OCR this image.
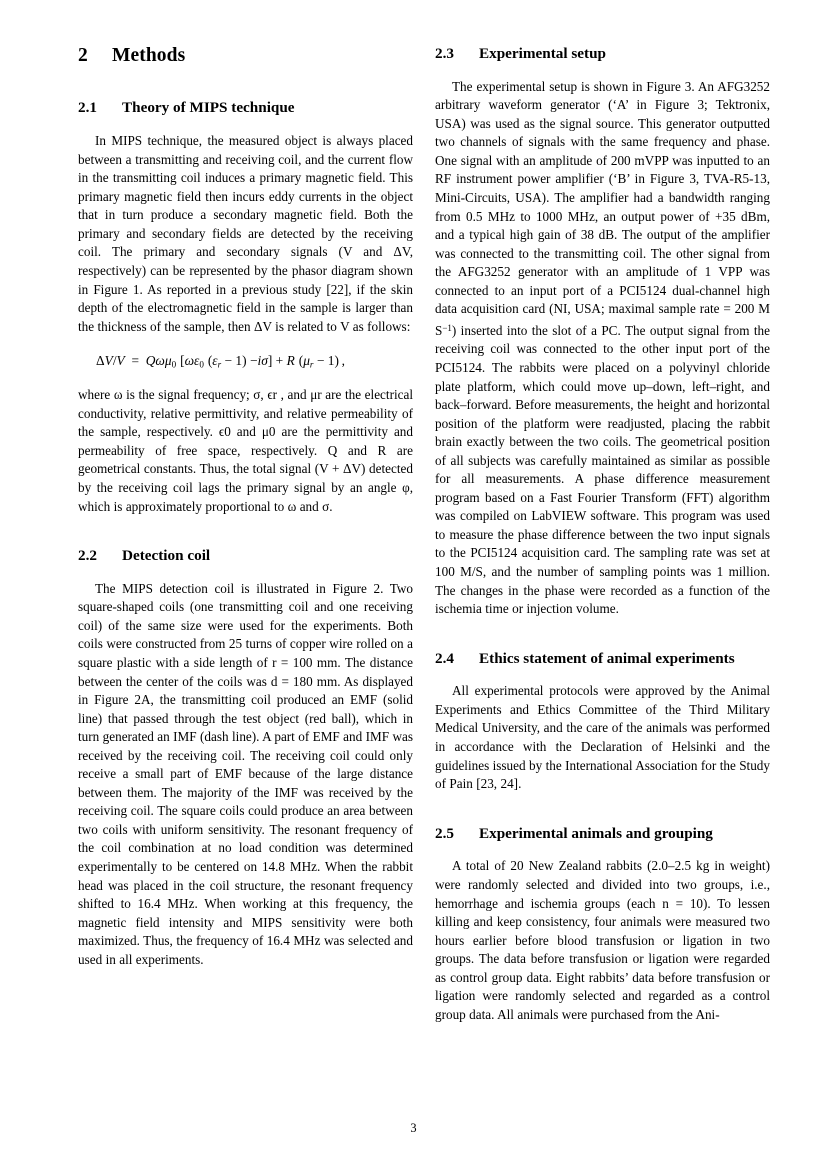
2 Methods
2.1 Theory of MIPS technique

In MIPS technique, the measured object is always placed between a transmitting and receiving coil, and the current flow in the transmitting coil induces a primary magnetic field. This primary magnetic field then incurs eddy currents in the object that in turn produce a secondary magnetic field. Both the primary and secondary fields are detected by the receiving coil. The primary and secondary signals (V and ΔV, respectively) can be represented by the phasor diagram shown in Figure 1. As reported in a previous study [22], if the skin depth of the electromagnetic field in the sample is larger than the thickness of the sample, then ΔV is related to V as follows:

ΔV/V  =  Qωμ$_0$ [$\omega\varepsilon_0$ $(\varepsilon_r - 1) -i\sigma] + R$ $(\mu_r - 1)$ ,

where ω is the signal frequency; σ, ϵr , and μr are the electrical conductivity, relative permittivity, and relative permeability of the sample, respectively. ϵ0 and μ0 are the permittivity and permeability of free space, respectively. Q and R are geometrical constants. Thus, the total signal (V + ΔV) detected by the receiving coil lags the primary signal by an angle φ, which is approximately proportional to ω and σ.

2.2 Detection coil

The MIPS detection coil is illustrated in Figure 2. Two square-shaped coils (one transmitting coil and one receiving coil) of the same size were used for the experiments. Both coils were constructed from 25 turns of copper wire rolled on a square plastic with a side length of r = 100 mm. The distance between the center of the coils was d = 180 mm. As displayed in Figure 2A, the transmitting coil produced an EMF (solid line) that passed through the test object (red ball), which in turn generated an IMF (dash line). A part of EMF and IMF was received by the receiving coil. The receiving coil could only receive a small part of EMF because of the large distance between them. The majority of the IMF was received by the receiving coil. The square coils could produce an area between two coils with uniform sensitivity. The resonant frequency of the coil combination at no load condition was determined experimentally to be centered on 14.8 MHz. When the rabbit head was placed in the coil structure, the resonant frequency shifted to 16.4 MHz. When working at this frequency, the magnetic field intensity and MIPS sensitivity were both maximized. Thus, the frequency of 16.4 MHz was selected and used in all experiments.

2.3 Experimental setup

The experimental setup is shown in Figure 3. An AFG3252 arbitrary waveform generator (‘A’ in Figure 3; Tektronix, USA) was used as the signal source. This generator outputted two channels of signals with the same frequency and phase. One signal with an amplitude of 200 mVPP was inputted to an RF instrument power amplifier (‘B’ in Figure 3, TVA-R5-13, Mini-Circuits, USA). The amplifier had a bandwidth ranging from 0.5 MHz to 1000 MHz, an output power of +35 dBm, and a typical high gain of 38 dB. The output of the amplifier was connected to the transmitting coil. The other signal from the AFG3252 generator with an amplitude of 1 VPP was connected to an input port of a PCI5124 dual-channel high data acquisition card (NI, USA; maximal sample rate = 200 M $S^{-1}$) inserted into the slot of a PC. The output signal from the receiving coil was connected to the other input port of the PCI5124. The rabbits were placed on a polyvinyl chloride plate platform, which could move up–down, left–right, and back–forward. Before measurements, the height and horizontal position of the platform were readjusted, placing the rabbit brain exactly between the two coils. The geometrical position of all subjects was carefully maintained as similar as possible for all measurements. A phase difference measurement program based on a Fast Fourier Transform (FFT) algorithm was compiled on LabVIEW software. This program was used to measure the phase difference between the two input signals to the PCI5124 acquisition card. The sampling rate was set at 100 M/S, and the number of sampling points was 1 million. The changes in the phase were recorded as a function of the ischemia time or injection volume.

2.4 Ethics statement of animal experiments

All experimental protocols were approved by the Animal Experiments and Ethics Committee of the Third Military Medical University, and the care of the animals was performed in accordance with the Declaration of Helsinki and the guidelines issued by the International Association for the Study of Pain [23, 24].

2.5 Experimental animals and grouping

A total of 20 New Zealand rabbits (2.0–2.5 kg in weight) were randomly selected and divided into two groups, i.e., hemorrhage and ischemia groups (each n = 10). To lessen killing and keep consistency, four animals were measured two hours earlier before blood transfusion or ligation in two groups. The data before transfusion or ligation were regarded as control group data. Eight rabbits’ data before transfusion or ligation were randomly selected and regarded as a control group data. All animals were purchased from the Ani-

3
